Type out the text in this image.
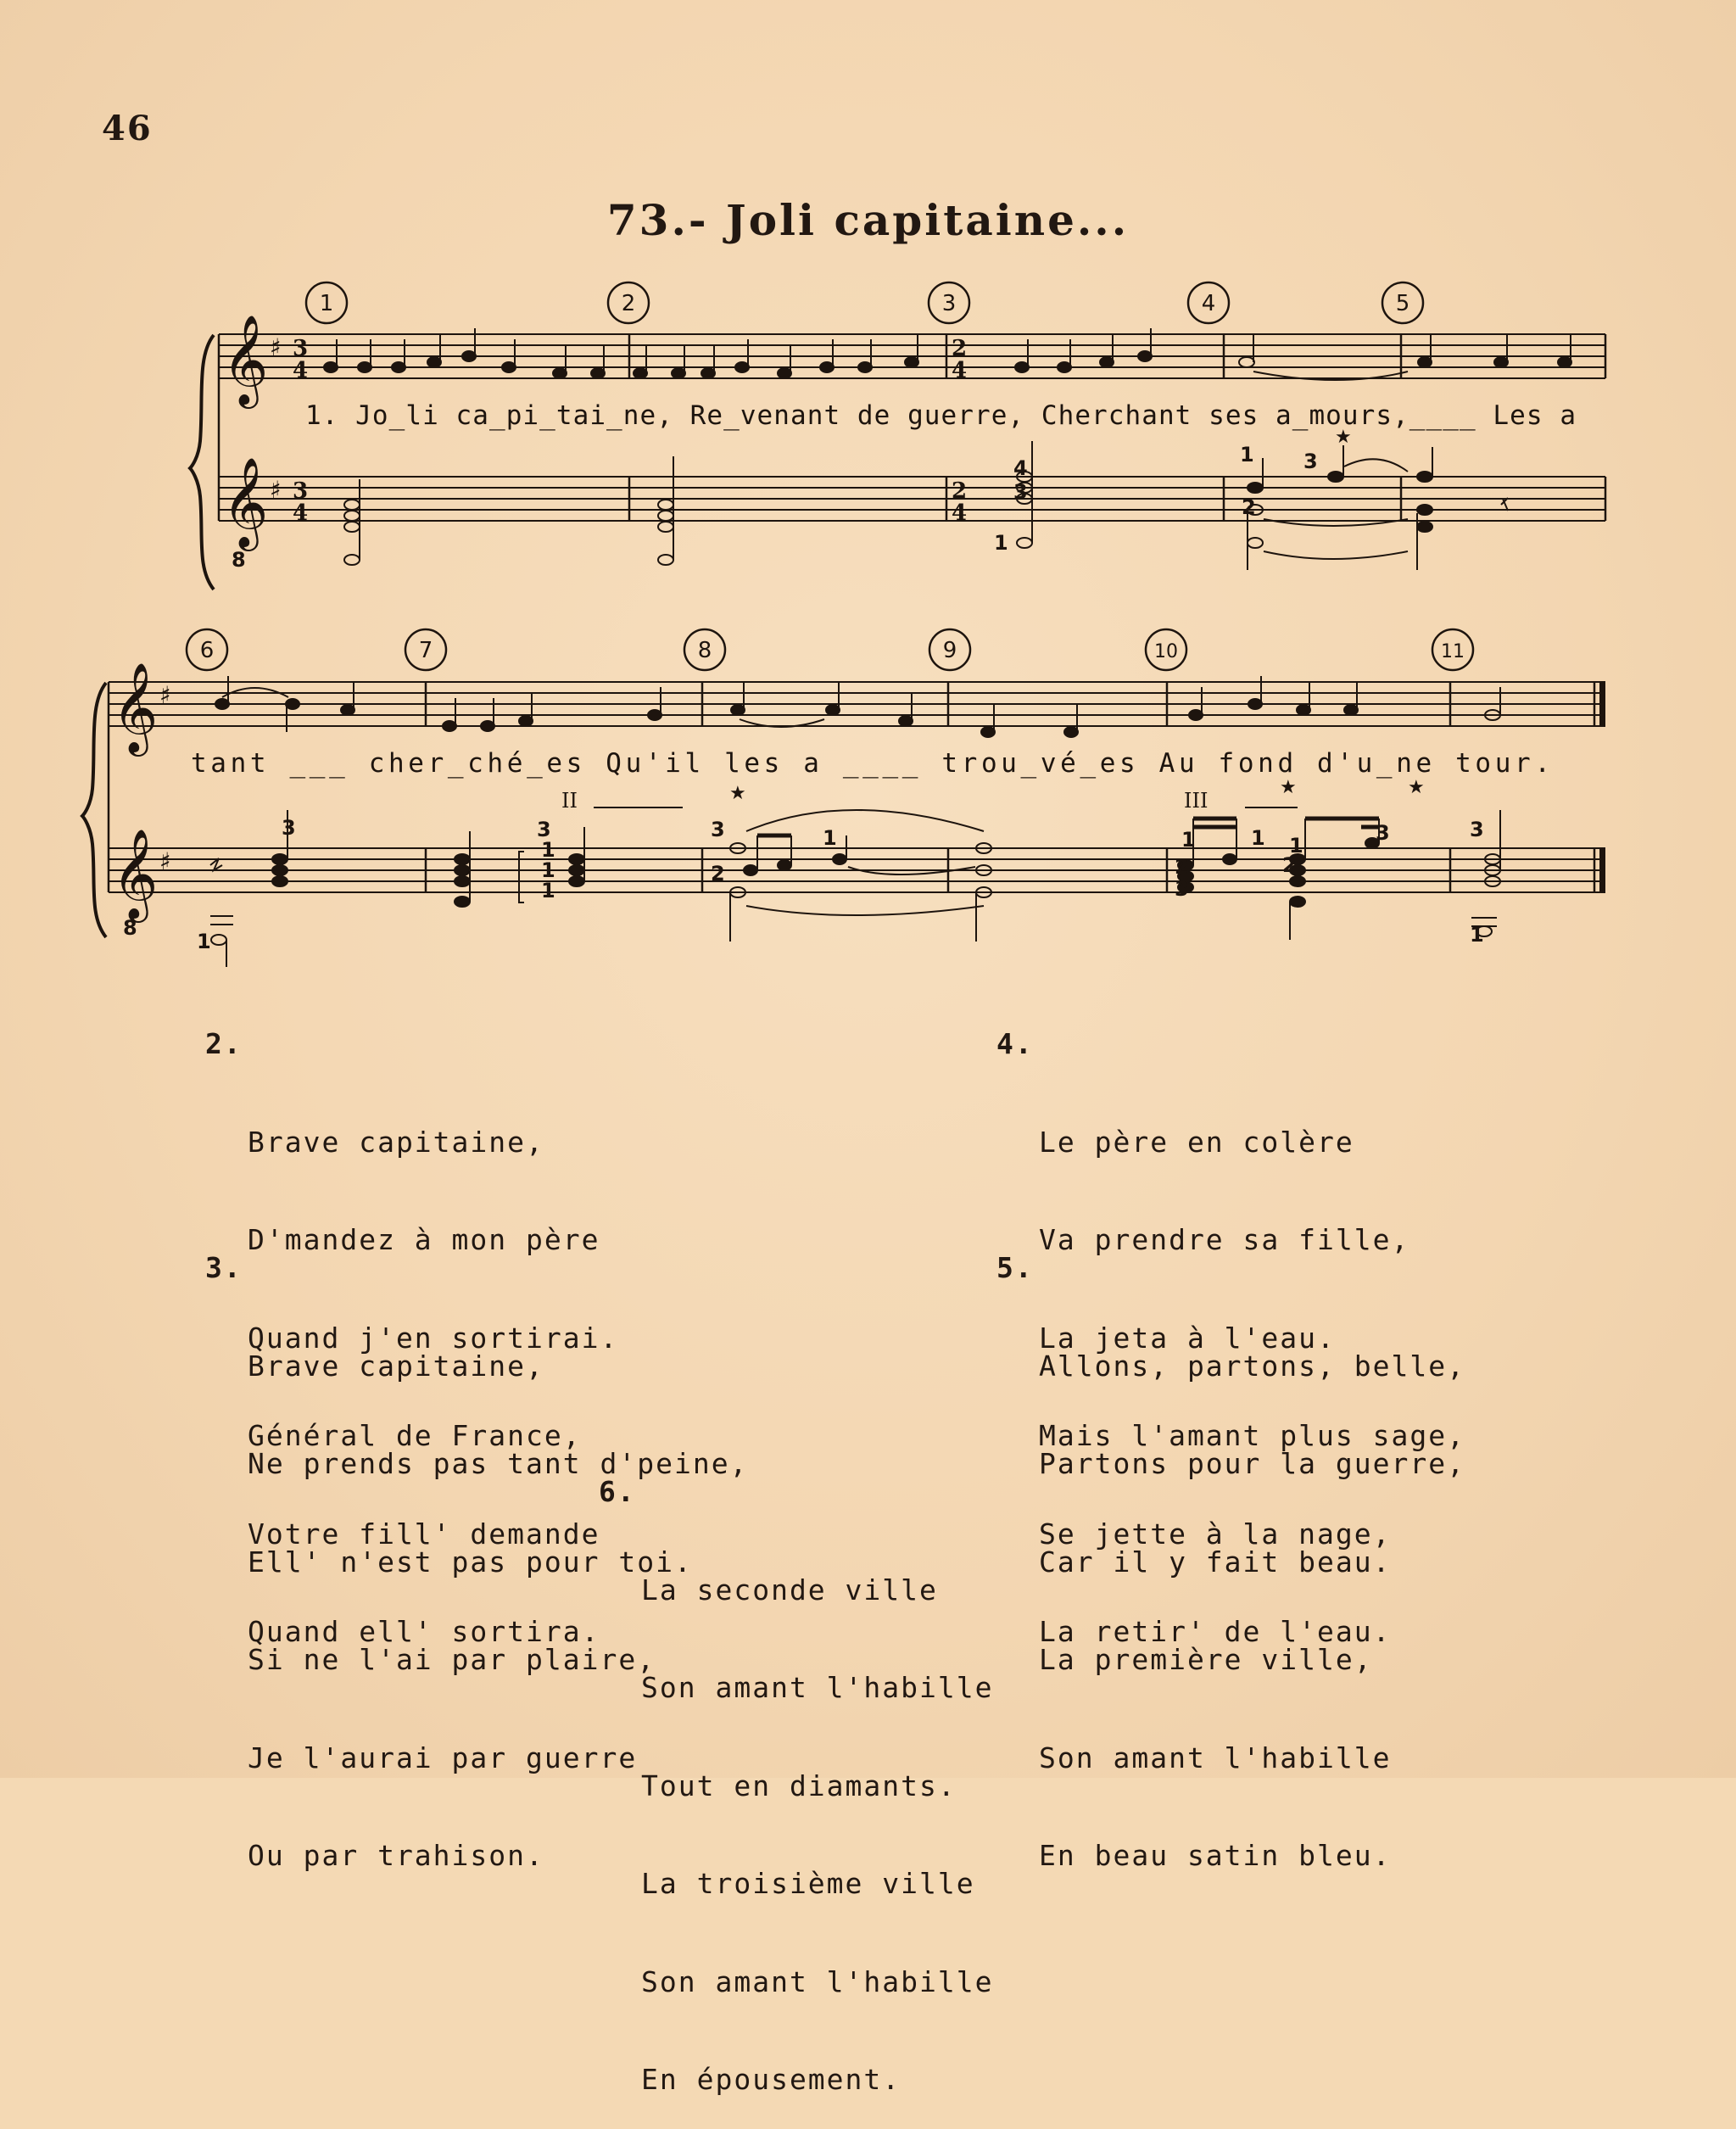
46
73.- Joli capitaine...
𝄞
𝄞
♯
♯
3
4
3
4
2
4
2
4
4
3
1
1 3
2
★
8
𝄞
𝄞
♯
♯
3
1
3
1
1
1
3
2
1
★
1
2
3
1
2
1
3
★	★
3
1
8
1	2	3	4	5
6	7	8	9	10	11
1. Jo_li ca_pi_tai_ne, Re_venant de guerre, Cherchant ses a_mours,____ Les a
tant ___ cher_ché_es Qu'il les a ____ trou_vé_es Au fond d'u_ne tour.
II	III

2.

Brave capitaine,

D'mandez à mon père

Quand j'en sortirai.

Général de France,

Votre fill' demande

Quand ell' sortira.

3.

Brave capitaine,

Ne prends pas tant d'peine,

Ell' n'est pas pour toi.

Si ne l'ai par plaire,

Je l'aurai par guerre

Ou par trahison.

4.

Le père en colère

Va prendre sa fille,

La jeta à l'eau.

Mais l'amant plus sage,

Se jette à la nage,

La retir' de l'eau.

5.

Allons, partons, belle,

Partons pour la guerre,

Car il y fait beau.

La première ville,

Son amant l'habille

En beau satin bleu.

6.

La seconde ville

Son amant l'habille

Tout en diamants.

La troisième ville

Son amant l'habille

En épousement.
